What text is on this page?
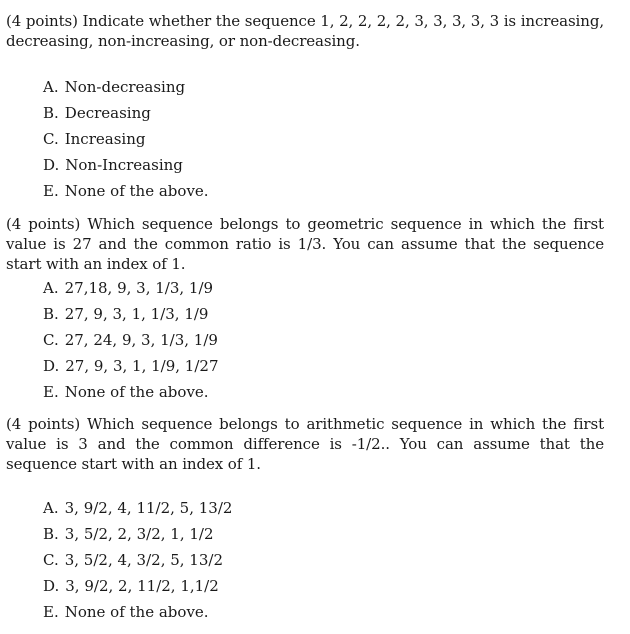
(4 points) Indicate whether the sequence 1, 2, 2, 2, 2, 3, 3, 3, 3, 3 is increasing, decreasing, non-increasing, or non-decreasing.

A. Non-decreasing
B. Decreasing
C. Increasing
D. Non-Increasing
E. None of the above.

(4 points) Which sequence belongs to geometric sequence in which the first value is 27 and the common ratio is 1/3. You can assume that the sequence start with an index of 1.

A. 27,18, 9, 3, 1/3, 1/9
B. 27, 9, 3, 1, 1/3, 1/9
C. 27, 24, 9, 3, 1/3, 1/9
D. 27, 9, 3, 1, 1/9, 1/27
E. None of the above.

(4 points) Which sequence belongs to arithmetic sequence in which the first value is 3 and the common difference is -1/2.. You can assume that the sequence start with an index of 1.

A. 3, 9/2, 4, 11/2, 5, 13/2
B. 3, 5/2, 2, 3/2, 1, 1/2
C. 3, 5/2, 4, 3/2, 5, 13/2
D. 3, 9/2, 2, 11/2, 1,1/2
E. None of the above.
